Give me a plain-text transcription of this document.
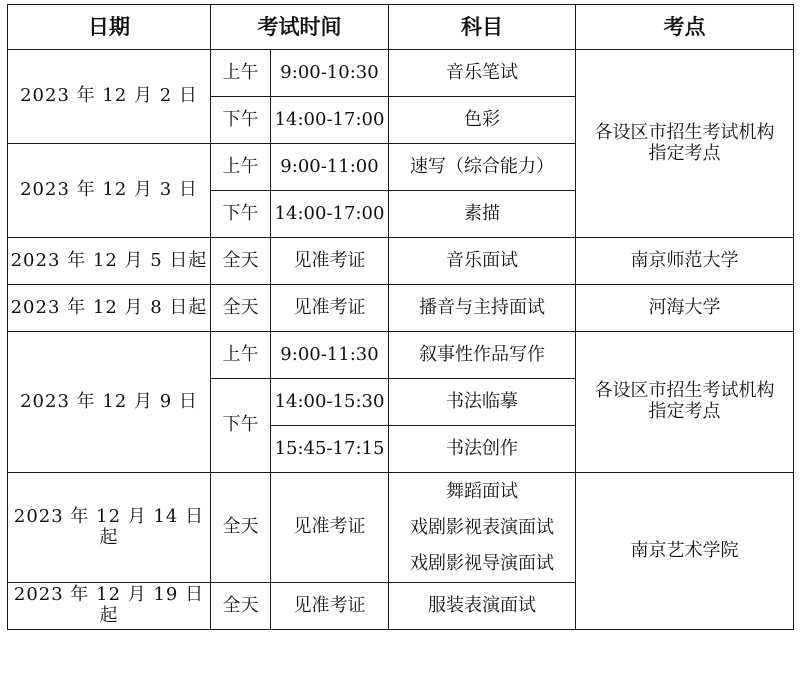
日期	考试时间		科目	考点
2023 年 12 月 2 日	上午	9:00-10:30	音乐笔试	各设区市招生考试机构
指定考点

	下午	14:00-17:00	色彩	
2023 年 12 月 3 日	上午	9:00-11:00	速写（综合能力）	
	下午	14:00-17:00	素描	
2023 年 12 月 5 日起	全天	见准考证	音乐面试	南京师范大学
2023 年 12 月 8 日起	全天	见准考证	播音与主持面试	河海大学
2023 年 12 月 9 日	上午	9:00-11:30	叙事性作品写作	各设区市招生考试机构
指定考点

	下午	14:00-15:30	书法临摹	
		15:45-17:15	书法创作	
2023 年 12 月 14 日起	全天	见准考证	舞蹈面试
戏剧影视表演面试
戏剧影视导演面试	南京艺术学院
2023 年 12 月 19 日起	全天	见准考证	服装表演面试	
